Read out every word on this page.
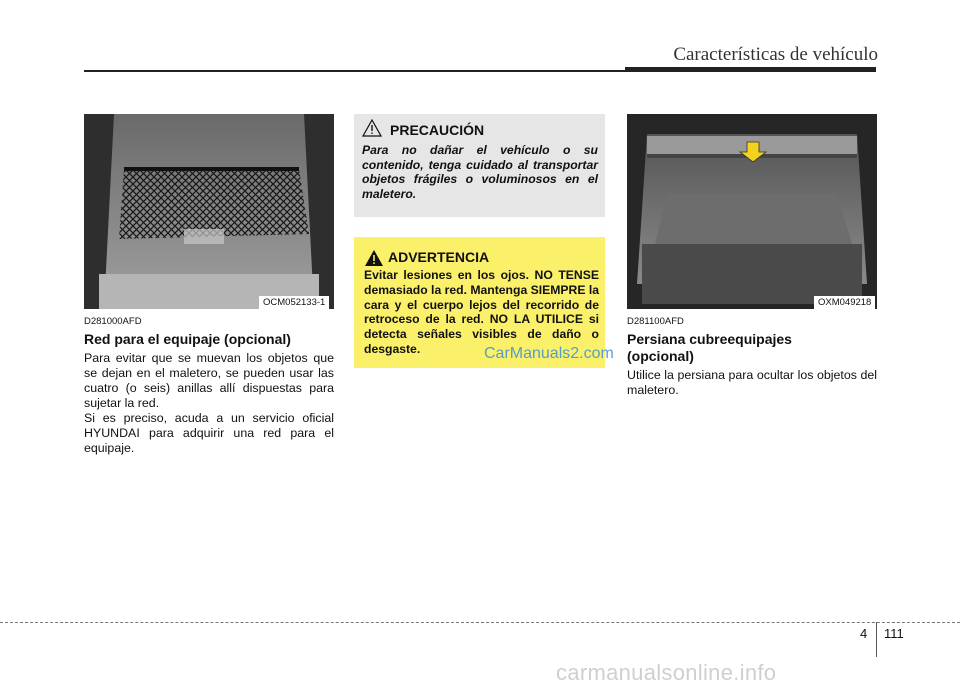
Características de vehículo
OCM052133-1
D281000AFD
Red para el equipaje (opcional)

Para evitar que se muevan los objetos que se dejan en el maletero, se pueden usar las cuatro (o seis) anillas allí dispuestas para sujetar la red.

Si es preciso, acuda a un servicio oficial HYUNDAI para adquirir una red para el equipaje.

PRECAUCIÓN

Para no dañar el vehículo o su contenido, tenga cuidado al transportar objetos frágiles o voluminosos en el maletero.

ADVERTENCIA

Evitar lesiones en los ojos. NO TENSE demasiado la red. Mantenga SIEMPRE la cara y el cuerpo lejos del recorrido de retroceso de la red. NO LA UTILICE si detecta señales visibles de daño o desgaste.	CarManuals2.com
OXM049218
D281100AFD
Persiana cubreequipajes (opcional)

Utilice la persiana para ocultar los objetos del maletero.

4 111
carmanualsonline.info
